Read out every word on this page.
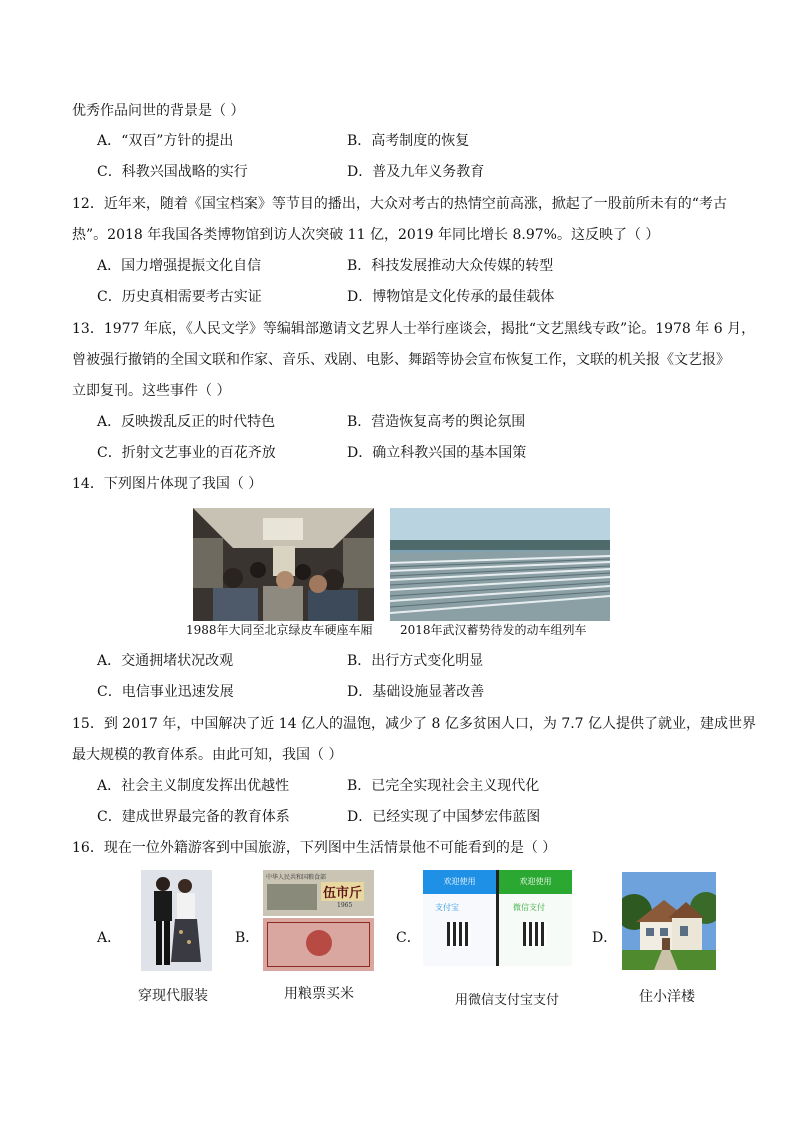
优秀作品问世的背景是（ ）
A．“双百”方针的提出	B．高考制度的恢复
C．科教兴国战略的实行	D．普及九年义务教育
12．近年来，随着《国宝档案》等节目的播出，大众对考古的热情空前高涨，掀起了一股前所未有的“考古
热”。2018 年我国各类博物馆到访人次突破 11 亿，2019 年同比增长 8.97%。这反映了（ ）
A．国力增强提振文化自信	B．科技发展推动大众传媒的转型
C．历史真相需要考古实证	D．博物馆是文化传承的最佳载体
13．1977 年底，《人民文学》等编辑部邀请文艺界人士举行座谈会，揭批“文艺黑线专政”论。1978 年 6 月，
曾被强行撤销的全国文联和作家、音乐、戏剧、电影、舞蹈等协会宣布恢复工作，文联的机关报《文艺报》
立即复刊。这些事件（ ）
A．反映拨乱反正的时代特色	B．营造恢复高考的舆论氛围
C．折射文艺事业的百花齐放	D．确立科教兴国的基本国策
14．下列图片体现了我国（ ）
1988年大同至北京绿皮车硬座车厢 2018年武汉蓄势待发的动车组列车
A．交通拥堵状况改观	B．出行方式变化明显
C．电信事业迅速发展	D．基础设施显著改善
15．到 2017 年，中国解决了近 14 亿人的温饱，减少了 8 亿多贫困人口，为 7.7 亿人提供了就业，建成世界
最大规模的教育体系。由此可知，我国（ ）
A．社会主义制度发挥出优越性	B．已完全实现社会主义现代化
C．建成世界最完备的教育体系	D．已经实现了中国梦宏伟蓝图
16．现在一位外籍游客到中国旅游，下列图中生活情景他不可能看到的是（ ）
A．	B．	C．	D．
中华人民共和国粮食部
伍市斤
1965
欢迎使用
支付宝
欢迎使用
微信支付
穿现代服装	用粮票买米	用微信支付宝支付	住小洋楼
